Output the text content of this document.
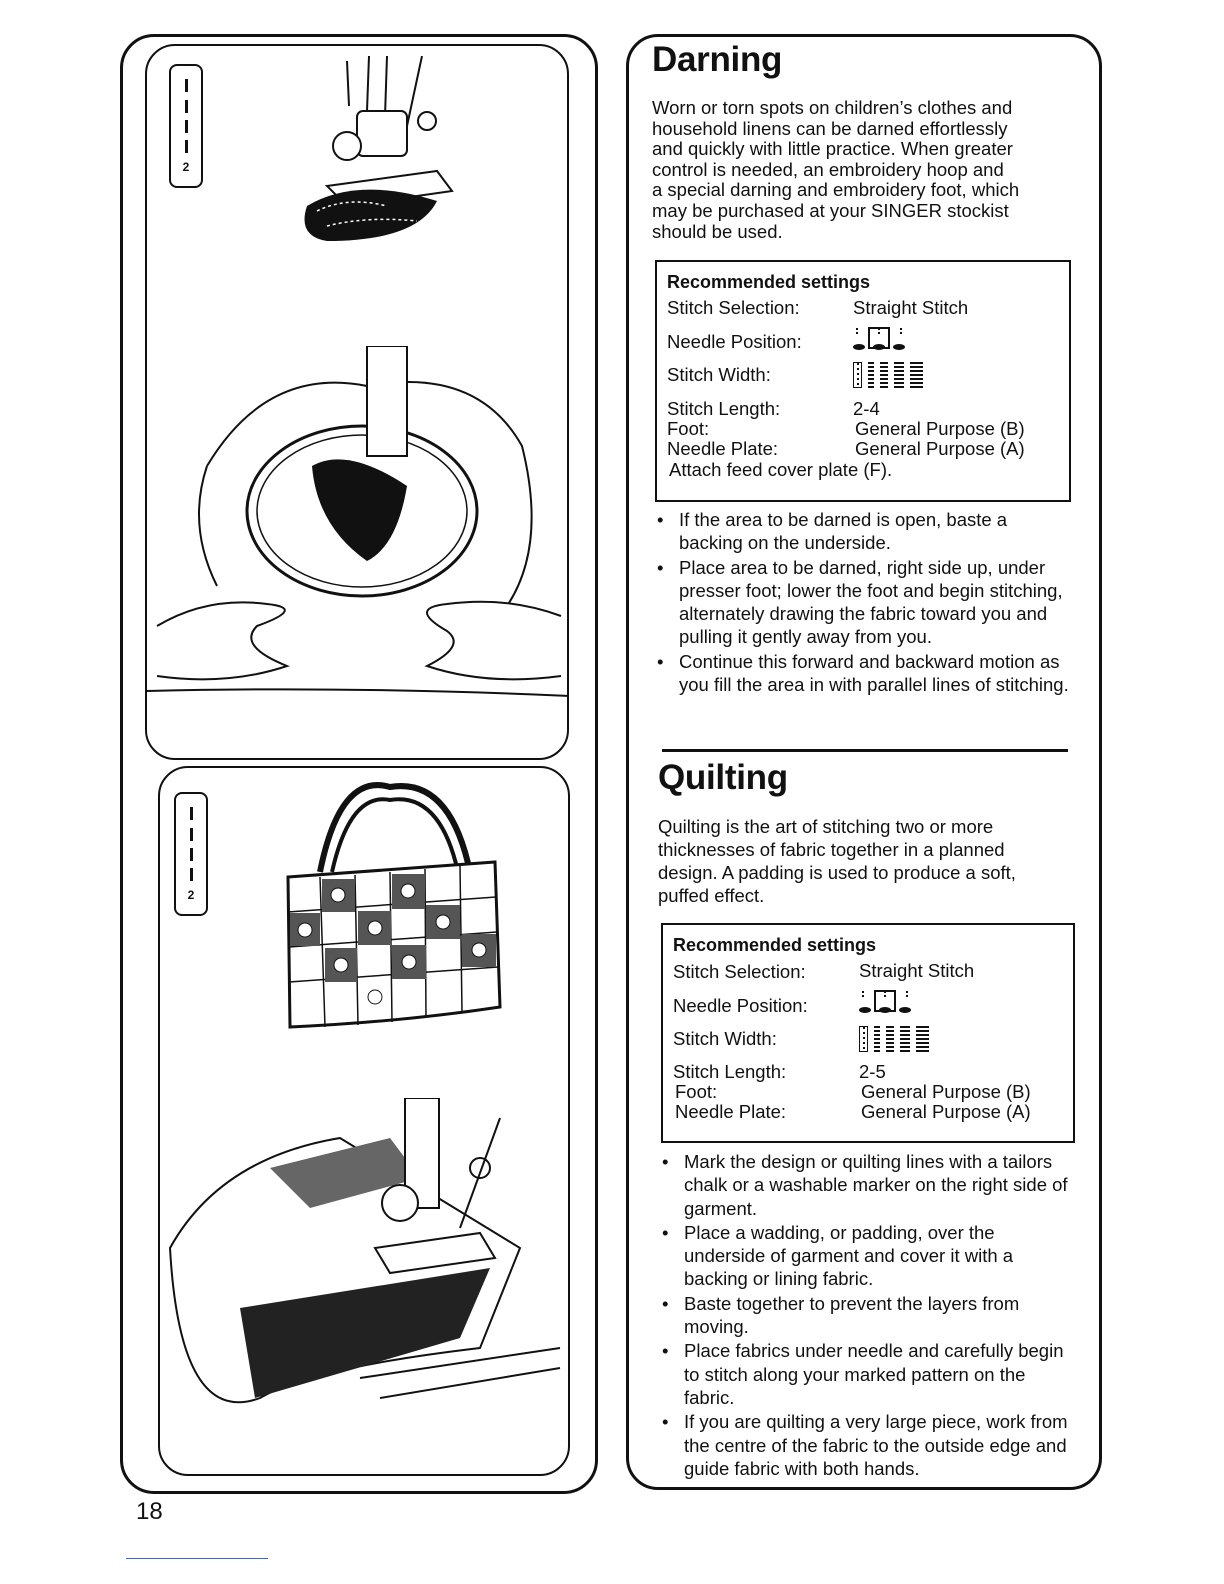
2
2
18
Darning

Worn or torn spots on children’s clothes and
household linens can be darned effortlessly
and quickly with little practice. When greater
control is needed, an embroidery hoop and
a special darning and embroidery foot, which
may be purchased at your SINGER stockist
should be used.

Recommended settings
Stitch Selection:	Straight Stitch
Needle Position:
Stitch Width:
Stitch Length:	2-4
Foot:	General Purpose (B)
Needle Plate:	General Purpose (A)
Attach feed cover plate (F).
• If the area to be darned is open, baste a backing on the underside.
• Place area to be darned, right side up, under presser foot; lower the foot and begin stitching, alternately drawing the fabric toward you and pulling it gently away from you.
• Continue this forward and backward motion as you fill the area in with parallel lines of stitching.
Quilting

Quilting is the art of stitching two or more
thicknesses of fabric together in a planned
design. A padding is used to produce a soft,
puffed effect.

Recommended settings
Stitch Selection:	Straight Stitch
Needle Position:
Stitch Width:
Stitch Length:	2-5
Foot:	General Purpose (B)
Needle Plate:	General Purpose (A)
• Mark the design or quilting lines with a tailors chalk or a washable marker on the right side of garment.
• Place a wadding, or padding, over the underside of garment and cover it with a backing or lining fabric.
• Baste together to prevent the layers from moving.
• Place fabrics under needle and carefully begin to stitch along your marked pattern on the fabric.
• If you are quilting a very large piece, work from the centre of the fabric to the outside edge and guide fabric with both hands.
